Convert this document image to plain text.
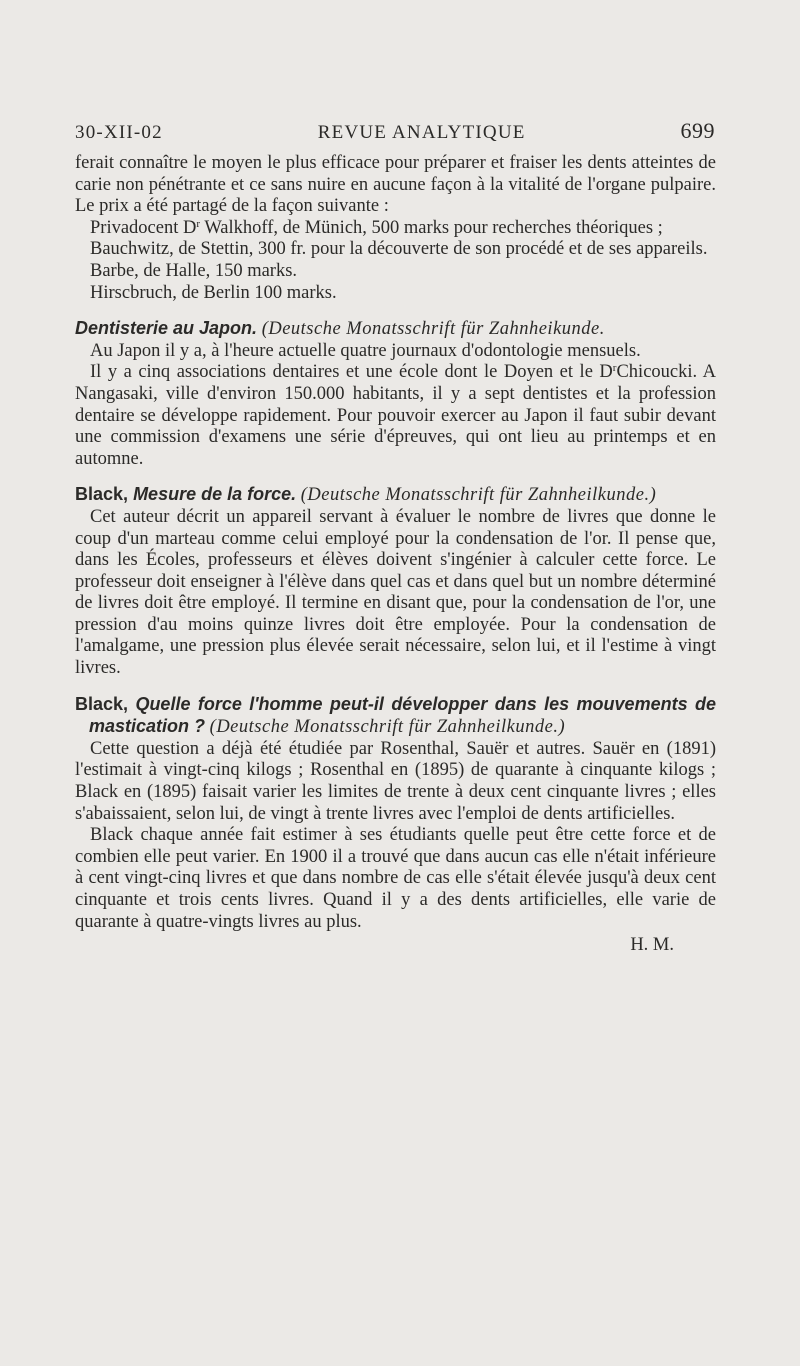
30-XII-02	REVUE ANALYTIQUE	699

ferait connaître le moyen le plus efficace pour préparer et fraiser les dents atteintes de carie non pénétrante et ce sans nuire en aucune façon à la vitalité de l'organe pulpaire. Le prix a été partagé de la façon suivante :

Privadocent $D^r$ Walkhoff, de Münich, 500 marks pour recherches théoriques ;

Bauchwitz, de Stettin, 300 fr. pour la découverte de son procédé et de ses appareils.

Barbe, de Halle, 150 marks.

Hirscbruch, de Berlin 100 marks.

Dentisterie au Japon. (Deutsche Monatsschrift für Zahnheikunde.

Au Japon il y a, à l'heure actuelle quatre journaux d'odontologie mensuels.

Il y a cinq associations dentaires et une école dont le Doyen et le $D^rChicoucki$. A Nangasaki, ville d'environ 150.000 habitants, il y a sept dentistes et la profession dentaire se développe rapidement. Pour pouvoir exercer au Japon il faut subir devant une commission d'examens une série d'épreuves, qui ont lieu au printemps et en automne.

Black, Mesure de la force. (Deutsche Monatsschrift für Zahnheilkunde.)

Cet auteur décrit un appareil servant à évaluer le nombre de livres que donne le coup d'un marteau comme celui employé pour la condensation de l'or. Il pense que, dans les Écoles, professeurs et élèves doivent s'ingénier à calculer cette force. Le professeur doit enseigner à l'élève dans quel cas et dans quel but un nombre déterminé de livres doit être employé. Il termine en disant que, pour la condensation de l'or, une pression d'au moins quinze livres doit être employée. Pour la condensation de l'amalgame, une pression plus élevée serait nécessaire, selon lui, et il l'estime à vingt livres.

Black, Quelle force l'homme peut-il développer dans les mouvements de mastication ? (Deutsche Monatsschrift für Zahnheilkunde.)

Cette question a déjà été étudiée par Rosenthal, Sauër et autres. Sauër en (1891) l'estimait à vingt-cinq kilogs ; Rosenthal en (1895) de quarante à cinquante kilogs ; Black en (1895) faisait varier les limites de trente à deux cent cinquante livres ; elles s'abaissaient, selon lui, de vingt à trente livres avec l'emploi de dents artificielles.

Black chaque année fait estimer à ses étudiants quelle peut être cette force et de combien elle peut varier. En 1900 il a trouvé que dans aucun cas elle n'était inférieure à cent vingt-cinq livres et que dans nombre de cas elle s'était élevée jusqu'à deux cent cinquante et trois cents livres. Quand il y a des dents artificielles, elle varie de quarante à quatre-vingts livres au plus.

H. M.
